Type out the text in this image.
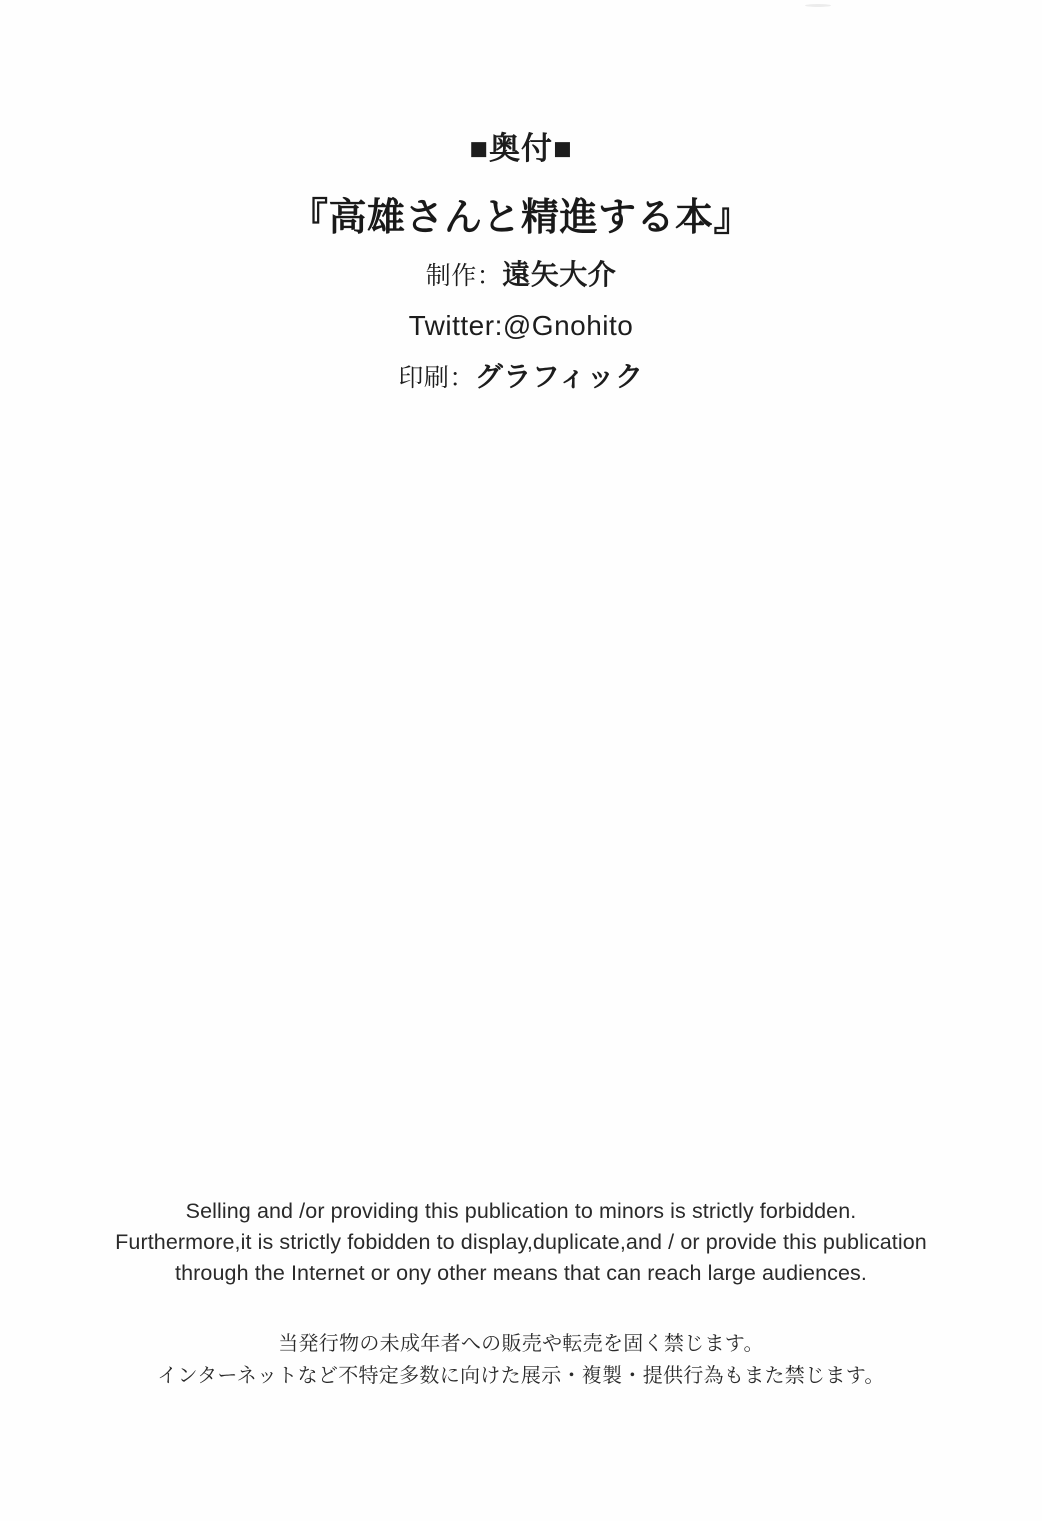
■奥付■
『高雄さんと精進する本』
制作：遠矢大介
Twitter:@Gnohito
印刷：グラフィック
Selling and /or providing this publication to minors is strictly forbidden.
Furthermore,it is strictly fobidden to display,duplicate,and / or provide this publication
through the Internet or ony other means that can reach large audiences.
当発行物の未成年者への販売や転売を固く禁じます。
インターネットなど不特定多数に向けた展示・複製・提供行為もまた禁じます。
